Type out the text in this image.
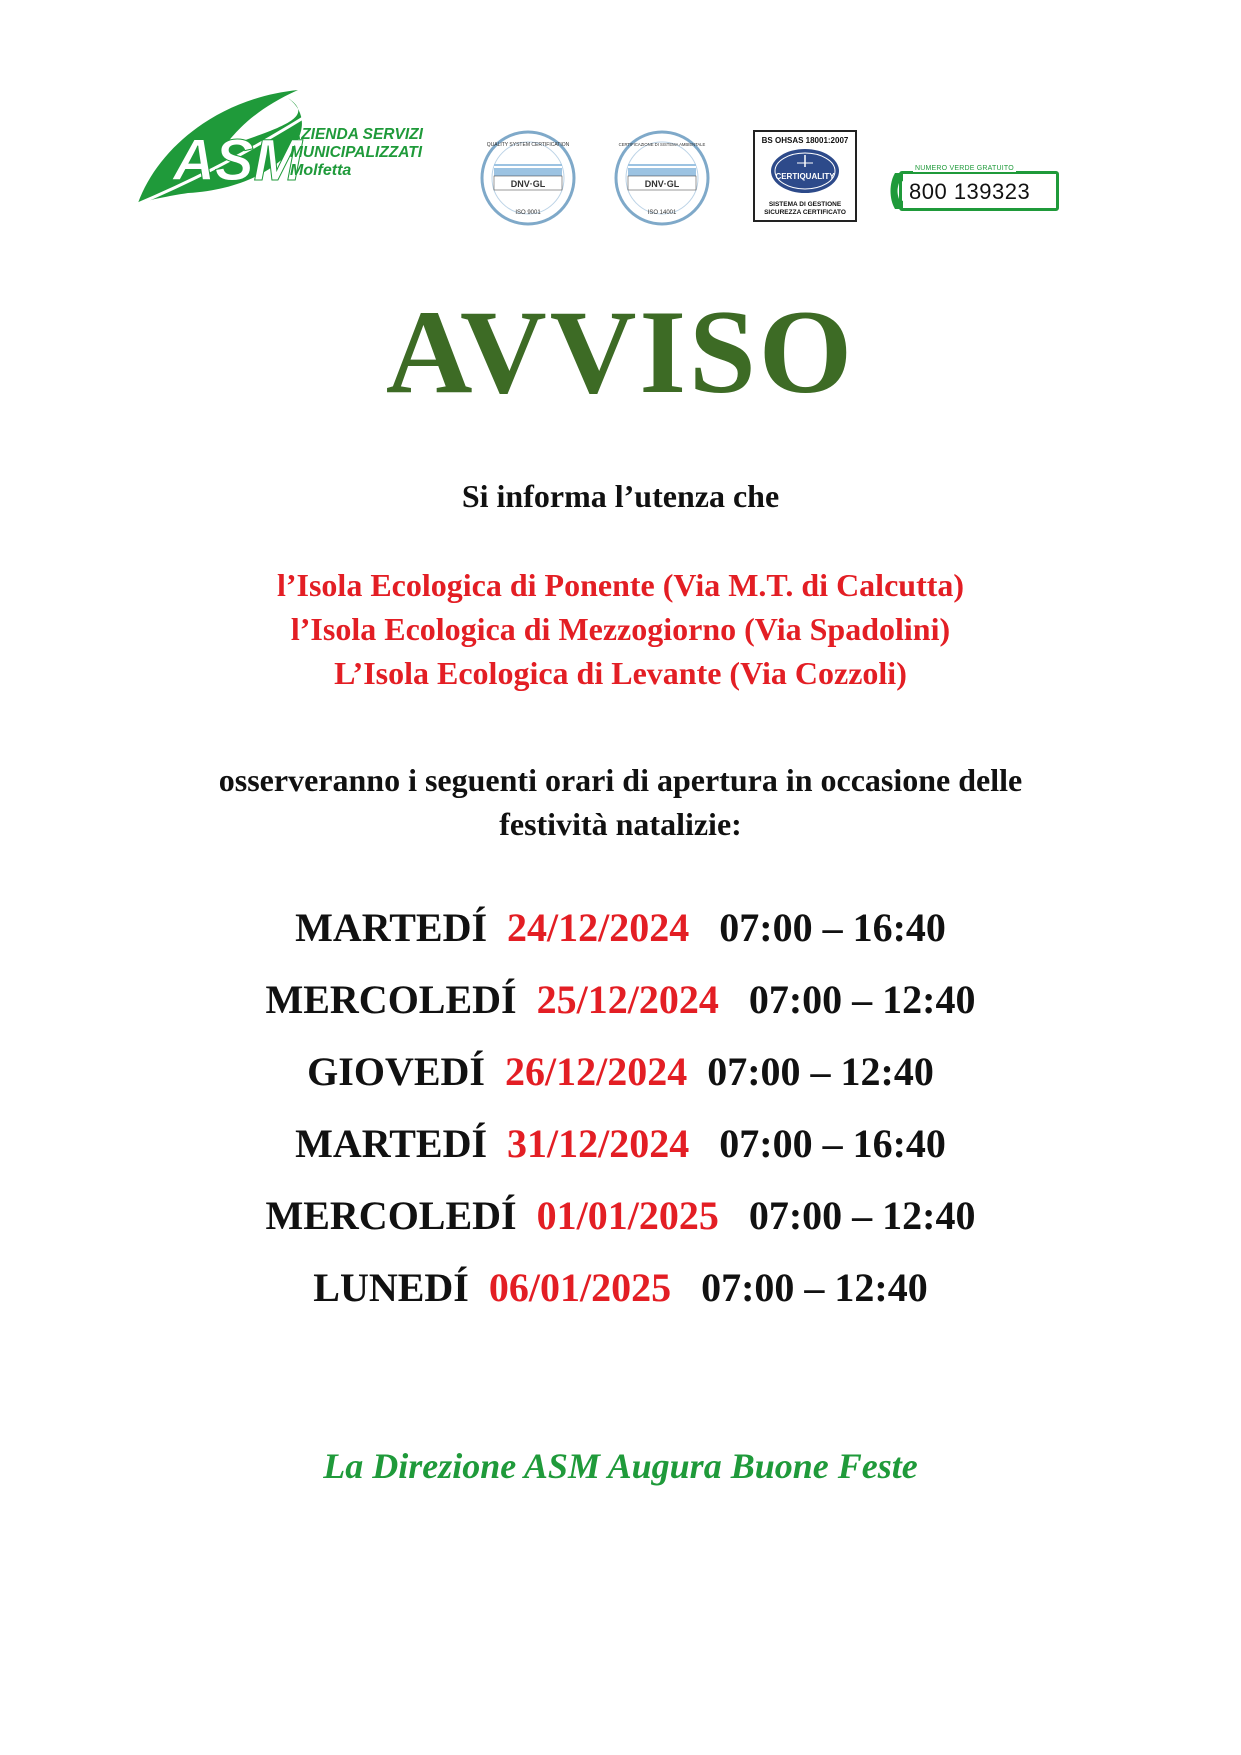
ASM
AZIENDA SERVIZI
MUNICIPALIZZATI
Molfetta
DNV·GL
ISO 9001
QUALITY SYSTEM CERTIFICATION
DNV·GL
ISO 14001
CERTIFICAZIONE DI SISTEMA AMBIENTALE	BS OHSAS 18001:2007
CERTIQUALITY
SISTEMA DI GESTIONE
SICUREZZA CERTIFICATO
NUMERO VERDE GRATUITO
800 139323
AVVISO
Si informa l’utenza che
l’Isola Ecologica di Ponente (Via M.T. di Calcutta)
l’Isola Ecologica di Mezzogiorno (Via Spadolini)
L’Isola Ecologica di Levante (Via Cozzoli)
osserveranno i seguenti orari di apertura in occasione delle
festività natalizie:
MARTEDÍ 24/12/2024 07:00 – 16:40
MERCOLEDÍ 25/12/2024 07:00 – 12:40
GIOVEDÍ 26/12/2024 07:00 – 12:40
MARTEDÍ 31/12/2024 07:00 – 16:40
MERCOLEDÍ 01/01/2025 07:00 – 12:40
LUNEDÍ 06/01/2025 07:00 – 12:40
La Direzione ASM Augura Buone Feste
